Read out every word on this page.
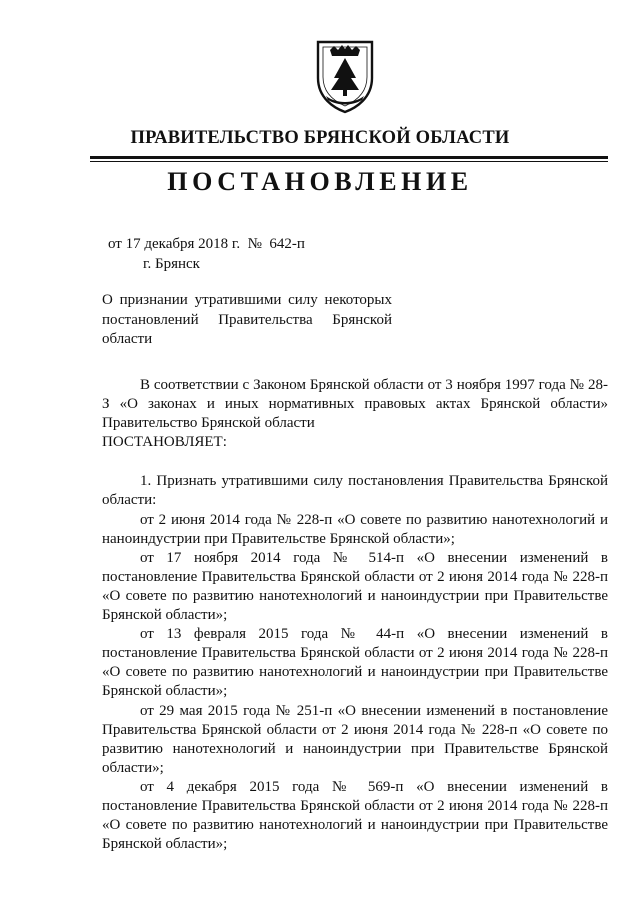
ПРАВИТЕЛЬСТВО БРЯНСКОЙ ОБЛАСТИ
ПОСТАНОВЛЕНИЕ
от 17 декабря 2018 г.  №  642-п
г. Брянск
О признании утратившими силу некоторых
постановлений Правительства Брянской
области

В соответствии с Законом Брянской области от 3 ноября 1997 года № 28-З «О законах и иных нормативных правовых актах Брянской области» Правительство Брянской области

ПОСТАНОВЛЯЕТ:

1. Признать утратившими силу постановления Правительства Брянской области:

от 2 июня 2014 года № 228-п «О совете по развитию нанотехнологий и наноиндустрии при Правительстве Брянской области»;

от 17 ноября 2014 года № 514-п «О внесении изменений в постановление Правительства Брянской области от 2 июня 2014 года № 228-п «О совете по развитию нанотехнологий и наноиндустрии при Правительстве Брянской области»;

от 13 февраля 2015 года № 44-п «О внесении изменений в постановление Правительства Брянской области от 2 июня 2014 года № 228-п «О совете по развитию нанотехнологий и наноиндустрии при Правительстве Брянской области»;

от 29 мая 2015 года № 251-п «О внесении изменений в постановление Правительства Брянской области от 2 июня 2014 года № 228-п «О совете по развитию нанотехнологий и наноиндустрии при Правительстве Брянской области»;

от 4 декабря 2015 года № 569-п «О внесении изменений в постановление Правительства Брянской области от 2 июня 2014 года № 228-п «О совете по развитию нанотехнологий и наноиндустрии при Правительстве Брянской области»;
